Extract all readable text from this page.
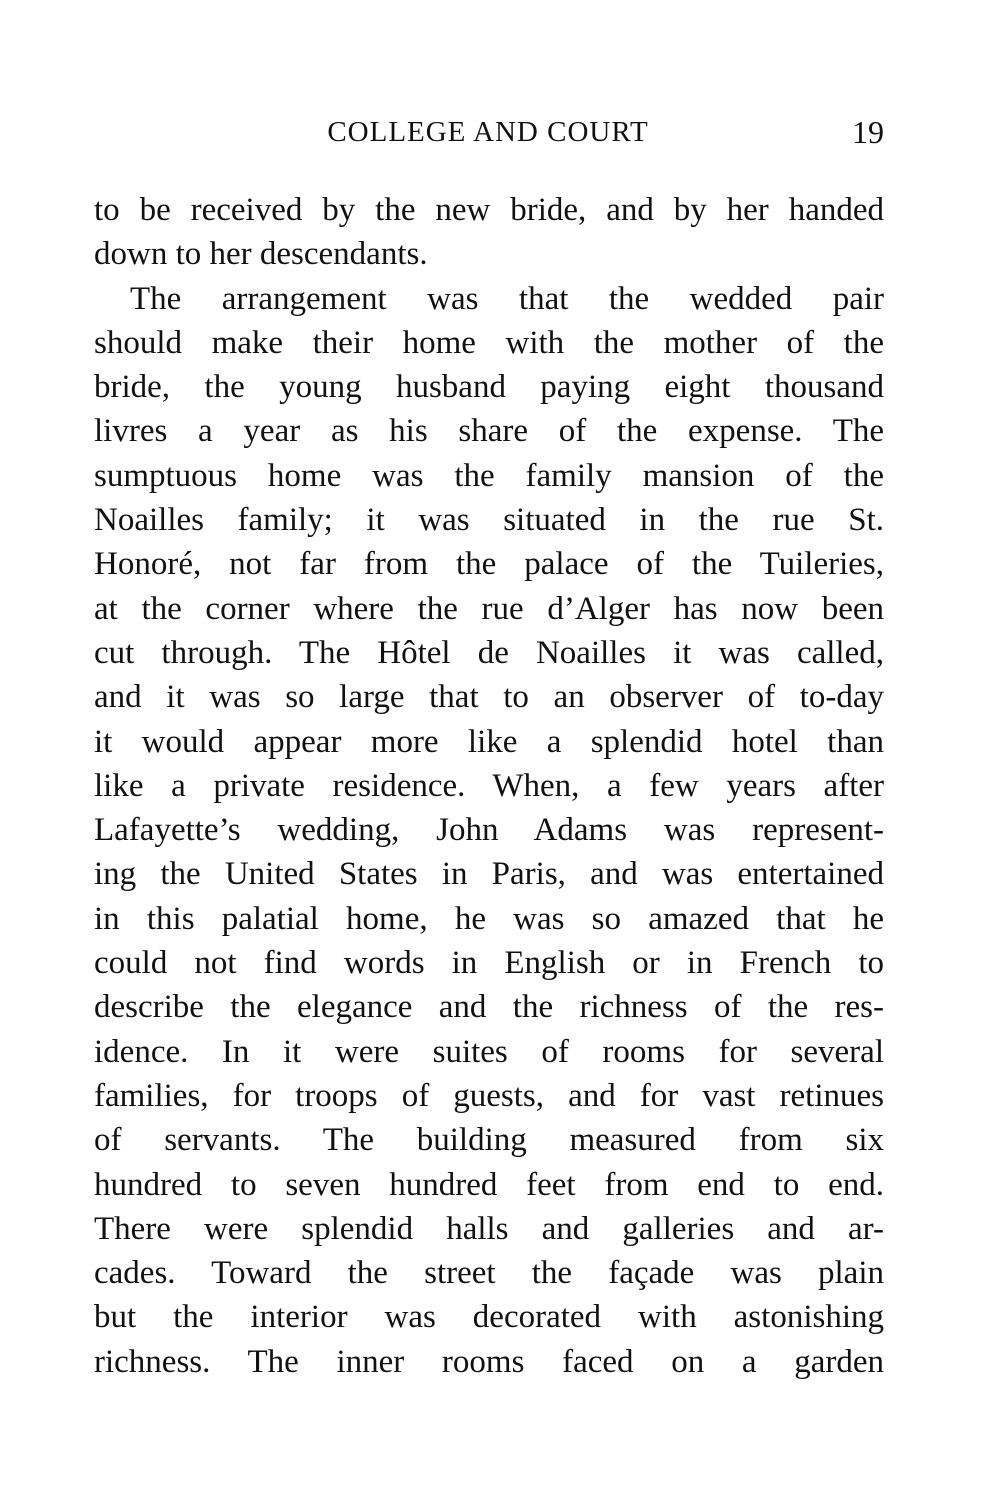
COLLEGE AND COURT	19
to be received by the new bride, and by her handed
down to her descendants.
The arrangement was that the wedded pair
should make their home with the mother of the
bride, the young husband paying eight thousand
livres a year as his share of the expense. The
sumptuous home was the family mansion of the
Noailles family; it was situated in the rue St.
Honoré, not far from the palace of the Tuileries,
at the corner where the rue d’Alger has now been
cut through. The Hôtel de Noailles it was called,
and it was so large that to an observer of to-day
it would appear more like a splendid hotel than
like a private residence. When, a few years after
Lafayette’s wedding, John Adams was represent-
ing the United States in Paris, and was entertained
in this palatial home, he was so amazed that he
could not find words in English or in French to
describe the elegance and the richness of the res-
idence. In it were suites of rooms for several
families, for troops of guests, and for vast retinues
of servants. The building measured from six
hundred to seven hundred feet from end to end.
There were splendid halls and galleries and ar-
cades. Toward the street the façade was plain
but the interior was decorated with astonishing
richness. The inner rooms faced on a garden
